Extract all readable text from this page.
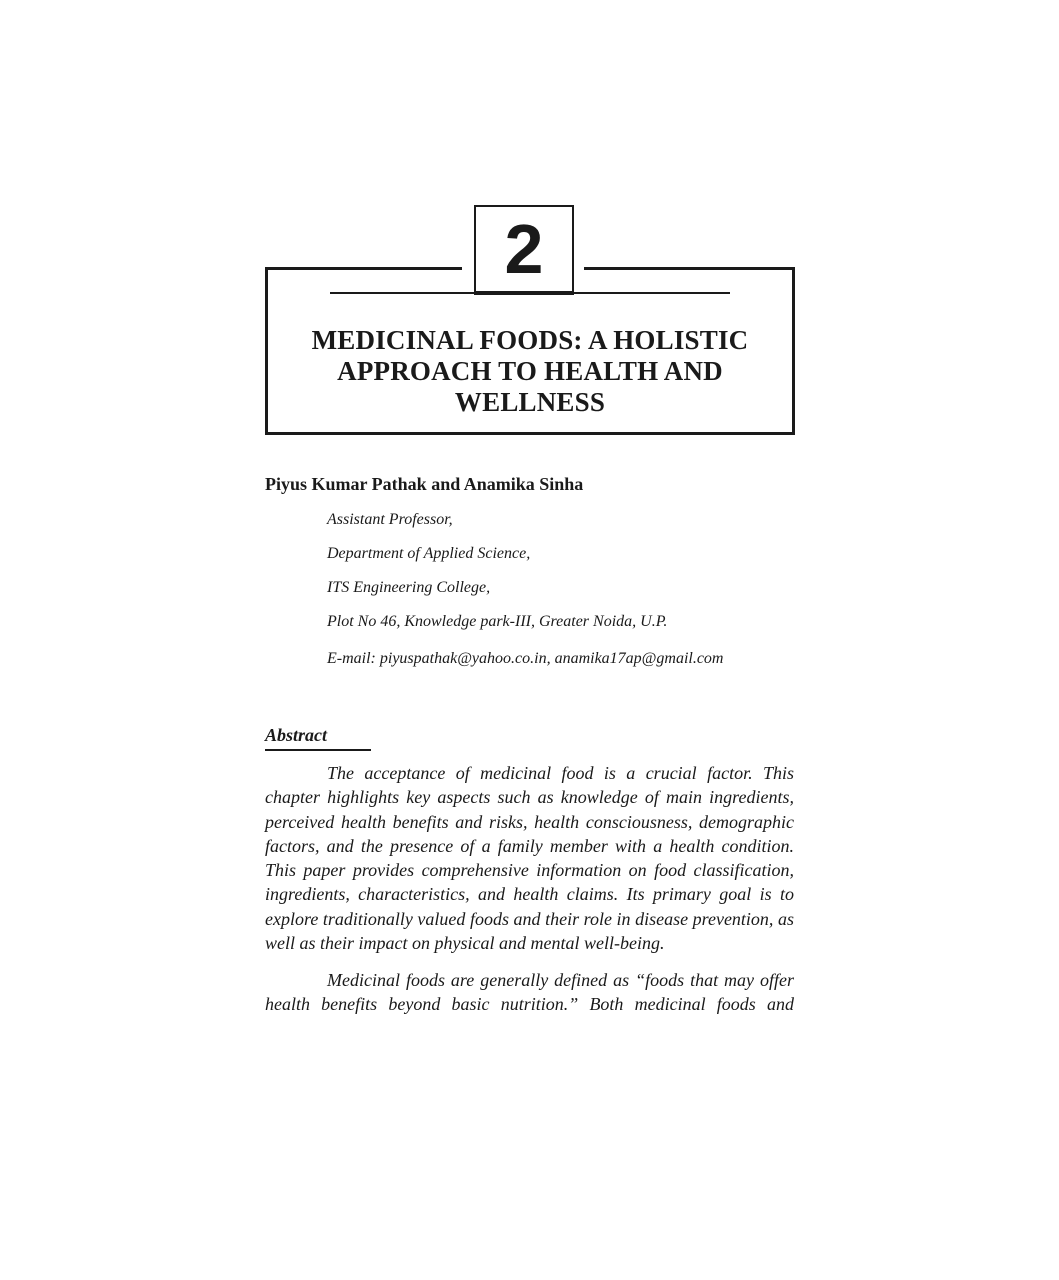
2
MEDICINAL FOODS: A HOLISTIC APPROACH TO HEALTH AND WELLNESS
Piyus Kumar Pathak and Anamika Sinha
Assistant Professor,
Department of Applied Science,
ITS Engineering College,
Plot No 46, Knowledge park-III, Greater Noida, U.P.
E-mail: piyuspathak@yahoo.co.in, anamika17ap@gmail.com
Abstract

The acceptance of medicinal food is a crucial factor. This chapter highlights key aspects such as knowledge of main ingredients, perceived health benefits and risks, health consciousness, demographic factors, and the presence of a family member with a health condition. This paper provides comprehensive information on food classification, ingredients, characteristics, and health claims. Its primary goal is to explore traditionally valued foods and their role in disease prevention, as well as their impact on physical and mental well-being.

Medicinal foods are generally defined as “foods that may offer health benefits beyond basic nutrition.” Both medicinal foods and
